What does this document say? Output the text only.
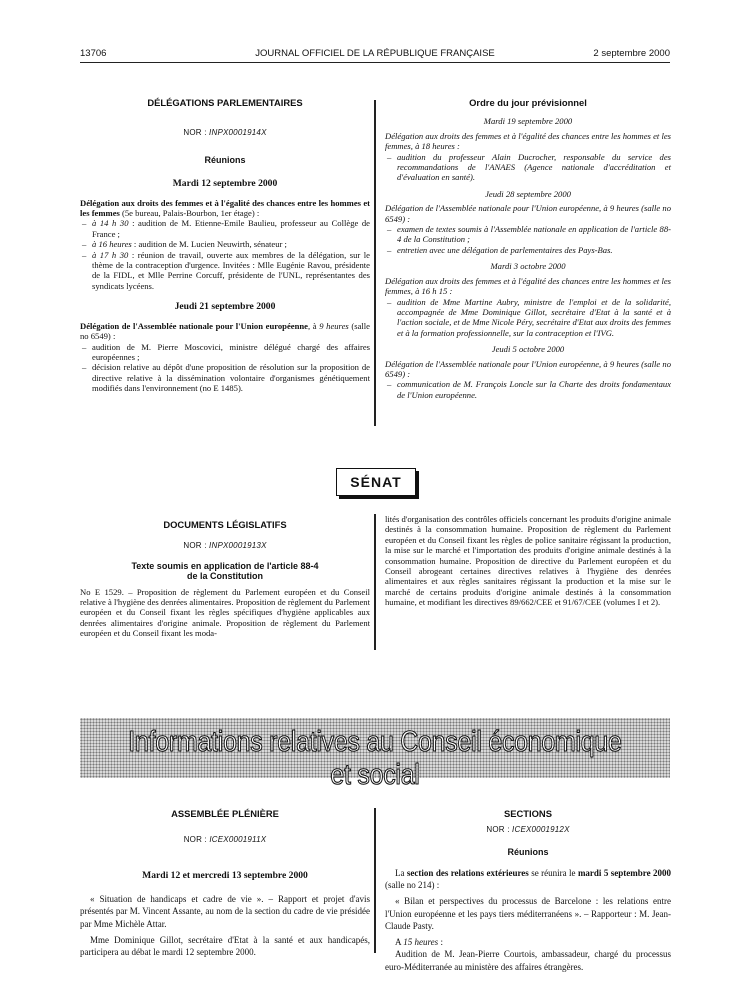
13706	JOURNAL OFFICIEL DE LA RÉPUBLIQUE FRANÇAISE	2 septembre 2000
DÉLÉGATIONS PARLEMENTAIRES
NOR : INPX0001914X
Réunions
Mardi 12 septembre 2000

Délégation aux droits des femmes et à l'égalité des chances entre les hommes et les femmes (5e bureau, Palais-Bourbon, 1er étage) :

– à 14 h 30 : audition de M. Etienne-Emile Baulieu, professeur au Collège de France ;
– à 16 heures : audition de M. Lucien Neuwirth, sénateur ;
– à 17 h 30 : réunion de travail, ouverte aux membres de la délégation, sur le thème de la contraception d'urgence. Invitées : Mlle Eugénie Ravou, présidente de la FIDL, et Mlle Perrine Corcuff, présidente de l'UNL, représentantes des syndicats lycéens.
Jeudi 21 septembre 2000

Délégation de l'Assemblée nationale pour l'Union européenne, à 9 heures (salle no 6549) :

– audition de M. Pierre Moscovici, ministre délégué chargé des affaires européennes ;
– décision relative au dépôt d'une proposition de résolution sur la proposition de directive relative à la dissémination volontaire d'organismes génétiquement modifiés dans l'environnement (no E 1485).
Ordre du jour prévisionnel
Mardi 19 septembre 2000

Délégation aux droits des femmes et à l'égalité des chances entre les hommes et les femmes, à 18 heures :

– audition du professeur Alain Ducrocher, responsable du service des recommandations de l'ANAES (Agence nationale d'accréditation et d'évaluation en santé).
Jeudi 28 septembre 2000

Délégation de l'Assemblée nationale pour l'Union européenne, à 9 heures (salle no 6549) :

– examen de textes soumis à l'Assemblée nationale en application de l'article 88-4 de la Constitution ;
– entretien avec une délégation de parlementaires des Pays-Bas.
Mardi 3 octobre 2000

Délégation aux droits des femmes et à l'égalité des chances entre les hommes et les femmes, à 16 h 15 :

– audition de Mme Martine Aubry, ministre de l'emploi et de la solidarité, accompagnée de Mme Dominique Gillot, secrétaire d'Etat à la santé et à l'action sociale, et de Mme Nicole Péry, secrétaire d'Etat aux droits des femmes et à la formation professionnelle, sur la contraception et l'IVG.
Jeudi 5 octobre 2000

Délégation de l'Assemblée nationale pour l'Union européenne, à 9 heures (salle no 6549) :

– communication de M. François Loncle sur la Charte des droits fondamentaux de l'Union européenne.
SÉNAT
DOCUMENTS LÉGISLATIFS
NOR : INPX0001913X
Texte soumis en application de l'article 88-4 de la Constitution

No E 1529. – Proposition de règlement du Parlement européen et du Conseil relative à l'hygiène des denrées alimentaires. Proposition de règlement du Parlement européen et du Conseil fixant les règles spécifiques d'hygiène applicables aux denrées alimentaires d'origine animale. Proposition de règlement du Parlement européen et du Conseil fixant les moda-

lités d'organisation des contrôles officiels concernant les produits d'origine animale destinés à la consommation humaine. Proposition de règlement du Parlement européen et du Conseil fixant les règles de police sanitaire régissant la production, la mise sur le marché et l'importation des produits d'origine animale destinés à la consommation humaine. Proposition de directive du Parlement européen et du Conseil abrogeant certaines directives relatives à l'hygiène des denrées alimentaires et aux règles sanitaires régissant la production et la mise sur le marché de certains produits d'origine animale destinés à la consommation humaine, et modifiant les directives 89/662/CEE et 91/67/CEE (volumes I et 2).

Informations relatives au Conseil économique et social
ASSEMBLÉE PLÉNIÈRE
NOR : ICEX0001911X
Mardi 12 et mercredi 13 septembre 2000

« Situation de handicaps et cadre de vie ». – Rapport et projet d'avis présentés par M. Vincent Assante, au nom de la section du cadre de vie présidée par Mme Michèle Attar.

Mme Dominique Gillot, secrétaire d'Etat à la santé et aux handicapés, participera au débat le mardi 12 septembre 2000.

SECTIONS
NOR : ICEX0001912X
Réunions

La section des relations extérieures se réunira le mardi 5 septembre 2000 (salle no 214) :

« Bilan et perspectives du processus de Barcelone : les relations entre l'Union européenne et les pays tiers méditerranéens ». – Rapporteur : M. Jean-Claude Pasty.

A 15 heures :

Audition de M. Jean-Pierre Courtois, ambassadeur, chargé du processus euro-Méditerranée au ministère des affaires étrangères.
